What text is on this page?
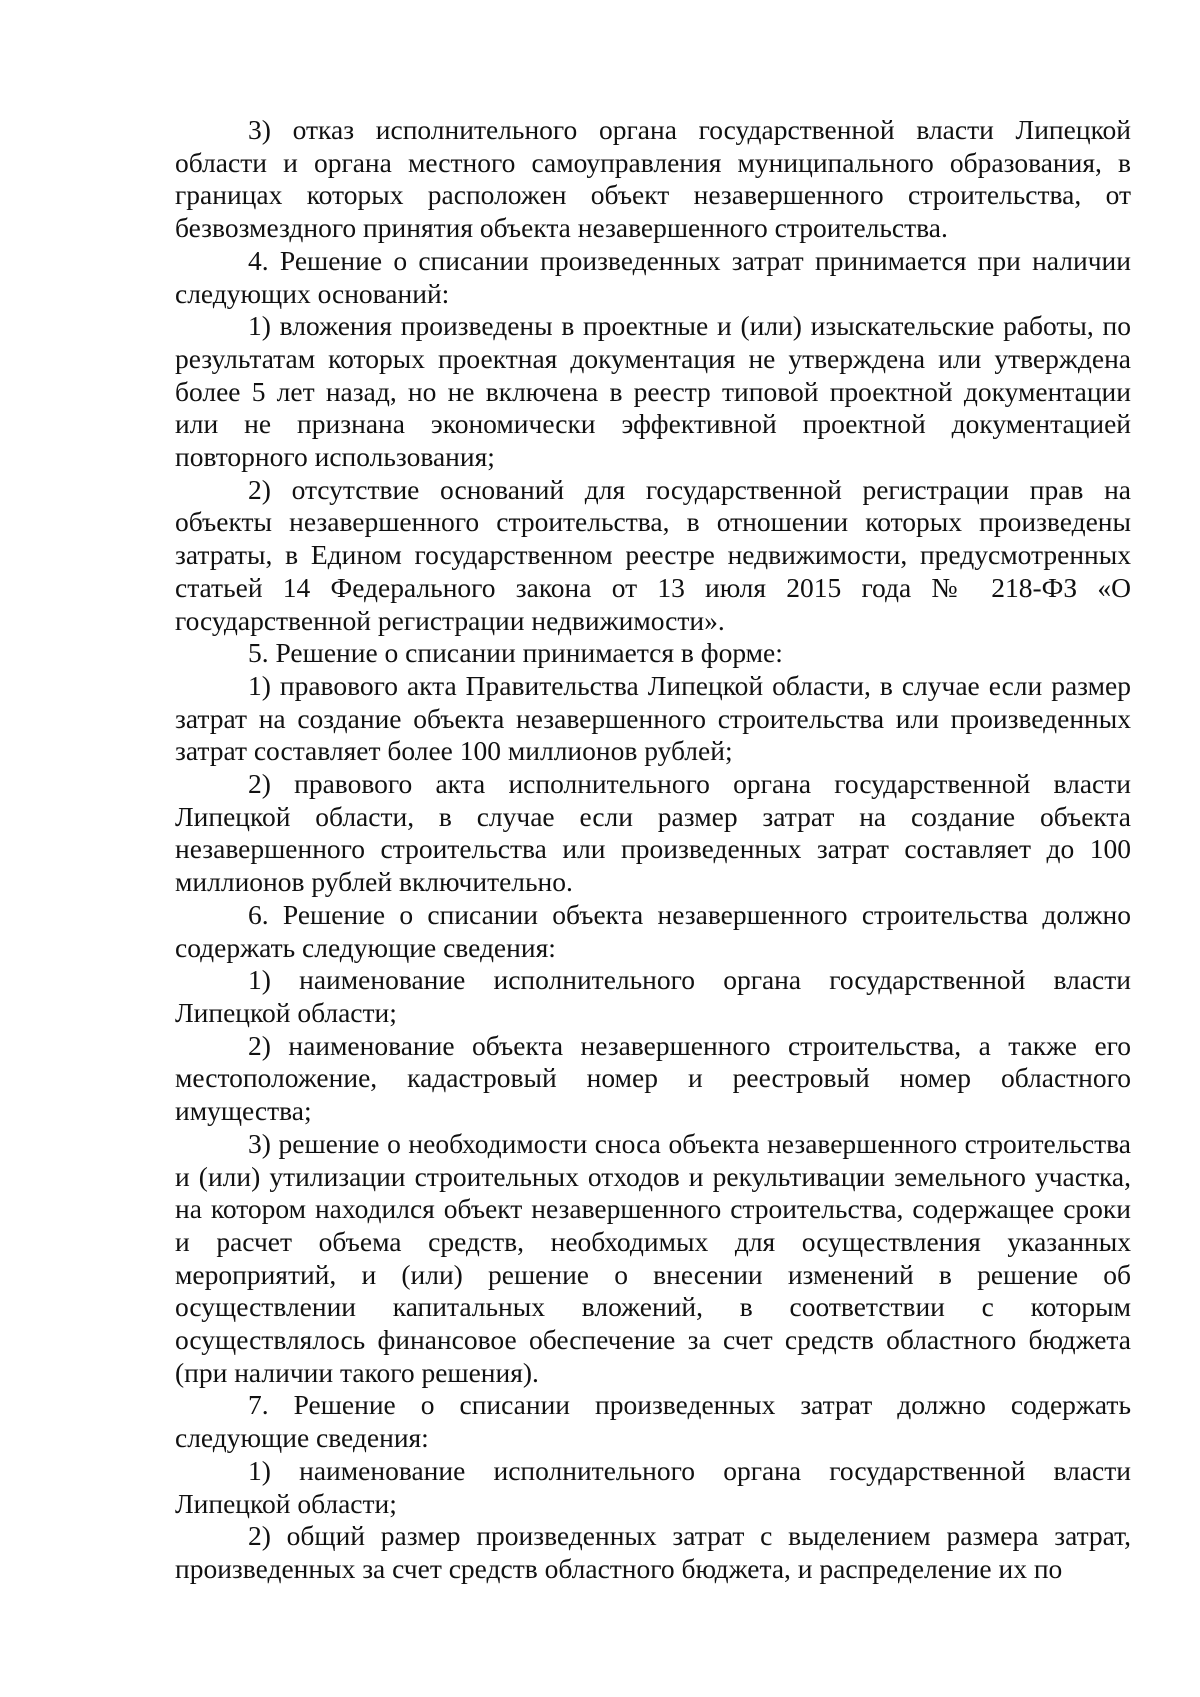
3) отказ исполнительного органа государственной власти Липецкой области и органа местного самоуправления муниципального образования, в границах которых расположен объект незавершенного строительства, от безвозмездного принятия объекта незавершенного строительства.

4. Решение о списании произведенных затрат принимается при наличии следующих оснований:

1) вложения произведены в проектные и (или) изыскательские работы, по результатам которых проектная документация не утверждена или утверждена более 5 лет назад, но не включена в реестр типовой проектной документации или не признана экономически эффективной проектной документацией повторного использования;

2) отсутствие оснований для государственной регистрации прав на объекты незавершенного строительства, в отношении которых произведены затраты, в Едином государственном реестре недвижимости, предусмотренных статьей 14 Федерального закона от 13 июля 2015 года № 218-ФЗ «О государственной регистрации недвижимости».

5. Решение о списании принимается в форме:

1) правового акта Правительства Липецкой области, в случае если размер затрат на создание объекта незавершенного строительства или произведенных затрат составляет более 100 миллионов рублей;

2) правового акта исполнительного органа государственной власти Липецкой области, в случае если размер затрат на создание объекта незавершенного строительства или произведенных затрат составляет до 100 миллионов рублей включительно.

6. Решение о списании объекта незавершенного строительства должно содержать следующие сведения:

1) наименование исполнительного органа государственной власти Липецкой области;

2) наименование объекта незавершенного строительства, а также его местоположение, кадастровый номер и реестровый номер областного имущества;

3) решение о необходимости сноса объекта незавершенного строительства и (или) утилизации строительных отходов и рекультивации земельного участка, на котором находился объект незавершенного строительства, содержащее сроки и расчет объема средств, необходимых для осуществления указанных мероприятий, и (или) решение о внесении изменений в решение об осуществлении капитальных вложений, в соответствии с которым осуществлялось финансовое обеспечение за счет средств областного бюджета (при наличии такого решения).

7. Решение о списании произведенных затрат должно содержать следующие сведения:

1) наименование исполнительного органа государственной власти Липецкой области;

2) общий размер произведенных затрат с выделением размера затрат, произведенных за счет средств областного бюджета, и распределение их по
